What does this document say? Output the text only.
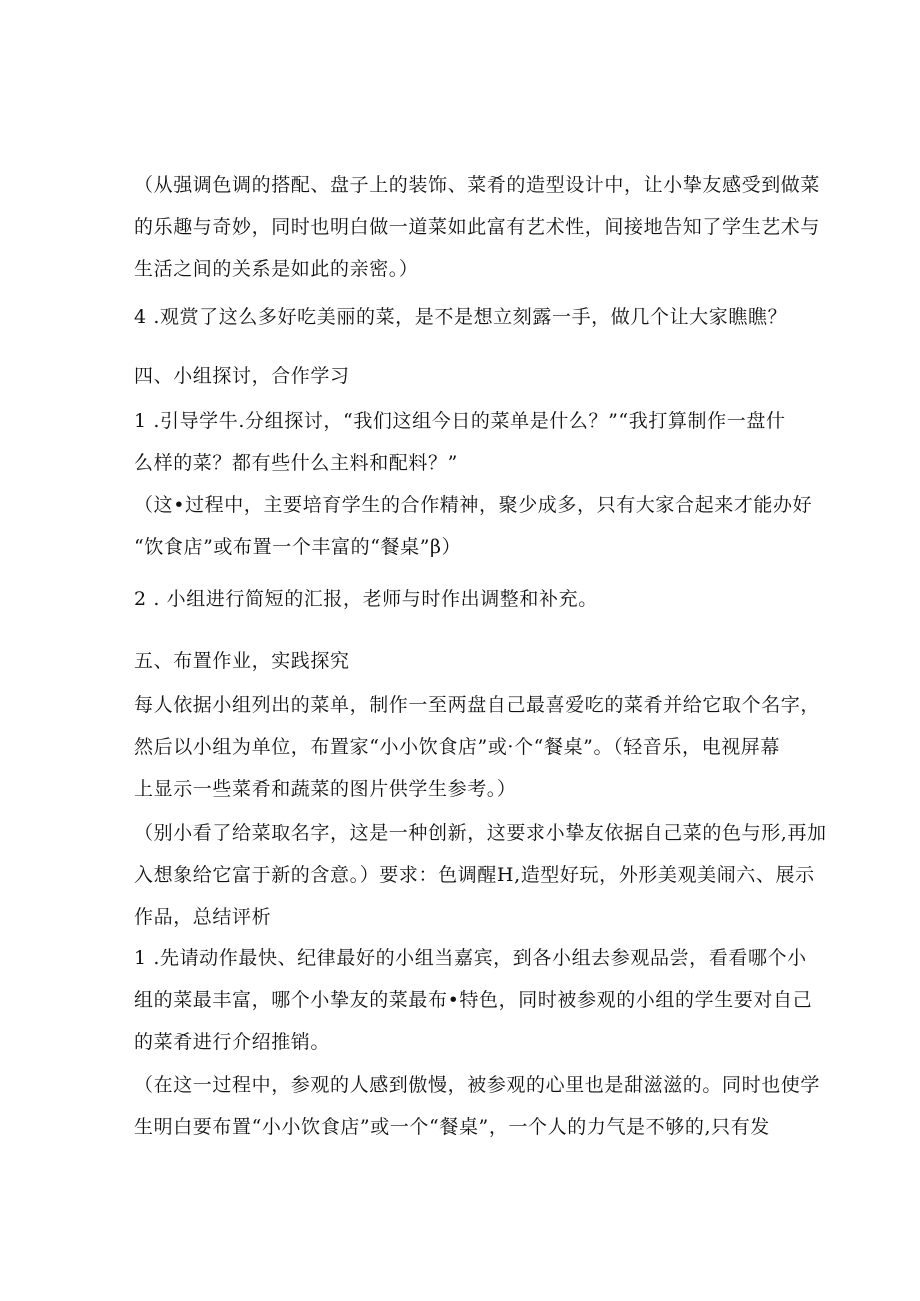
（从强调色调的搭配、盘子上的装饰、菜肴的造型设计中，让小挚友感受到做菜
的乐趣与奇妙，同时也明白做一道菜如此富有艺术性，间接地告知了学生艺术与
生活之间的关系是如此的亲密。）

4 .观赏了这么多好吃美丽的菜，是不是想立刻露一手，做几个让大家瞧瞧？

四、小组探讨，合作学习

1 .引导学牛.分组探讨，“我们这组今日的菜单是什么？”“我打算制作一盘什
么样的菜？都有些什么主料和配料？”

（这•过程中，主要培育学生的合作精神，聚少成多，只有大家合起来才能办好
“饮食店”或布置一个丰富的“餐桌”β）

2 . 小组进行简短的汇报，老师与时作出调整和补充。

五、布置作业，实践探究

每人依据小组列出的菜单，制作一至两盘自己最喜爱吃的菜肴并给它取个名字，
然后以小组为单位，布置家“小小饮食店”或·个“餐桌”。（轻音乐，电视屏幕
上显示一些菜肴和蔬菜的图片供学生参考。）

（别小看了给菜取名字，这是一种创新，这要求小挚友依据自己菜的色与形,再加
入想象给它富于新的含意。）要求：色调醒H,造型好玩，外形美观美闹六、展示
作品，总结评析

1 .先请动作最快、纪律最好的小组当嘉宾，到各小组去参观品尝，看看哪个小
组的菜最丰富，哪个小挚友的菜最布•特色，同时被参观的小组的学生要对自己
的菜肴进行介绍推销。

（在这一过程中，参观的人感到傲慢，被参观的心里也是甜滋滋的。同时也使学
生明白要布置“小小饮食店”或一个“餐桌”，一个人的力气是不够的,只有发
